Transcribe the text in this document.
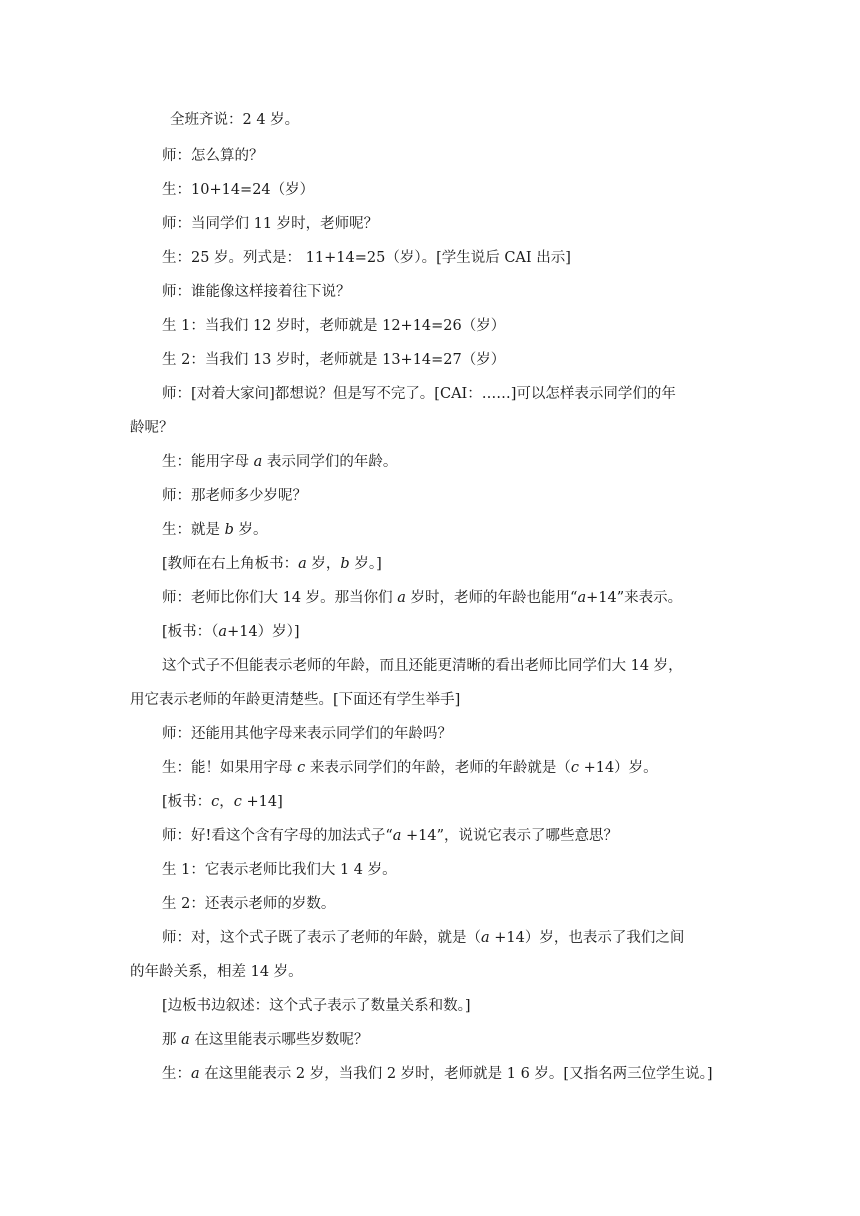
全班齐说：2 4 岁。
师：怎么算的？
生：10+14=24（岁）
师：当同学们 11 岁时，老师呢？
生：25 岁。列式是： 11+14=25（岁）。[学生说后 CAI 出示]
师：谁能像这样接着往下说？
生 1：当我们 12 岁时，老师就是 12+14=26（岁）
生 2：当我们 13 岁时，老师就是 13+14=27（岁）
师：[对着大家问]都想说？但是写不完了。[CAI：……]可以怎样表示同学们的年
龄呢？
生：能用字母 a 表示同学们的年龄。
师：那老师多少岁呢？
生：就是 b 岁。
[教师在右上角板书：a 岁，b 岁。]
师：老师比你们大 14 岁。那当你们 a 岁时，老师的年龄也能用“a+14”来表示。
[板书：（a+14）岁）]
这个式子不但能表示老师的年龄，而且还能更清晰的看出老师比同学们大 14 岁，
用它表示老师的年龄更清楚些。[下面还有学生举手]
师：还能用其他字母来表示同学们的年龄吗？
生：能！如果用字母 c 来表示同学们的年龄，老师的年龄就是（c +14）岁。
[板书：c，c +14]
师：好!看这个含有字母的加法式子“a +14”，说说它表示了哪些意思？
生 1：它表示老师比我们大 1 4 岁。
生 2：还表示老师的岁数。
师：对，这个式子既了表示了老师的年龄，就是（a +14）岁，也表示了我们之间
的年龄关系，相差 14 岁。
[边板书边叙述：这个式子表示了数量关系和数。]
那 a 在这里能表示哪些岁数呢？
生：a 在这里能表示 2 岁，当我们 2 岁时，老师就是 1 6 岁。[又指名两三位学生说。]
